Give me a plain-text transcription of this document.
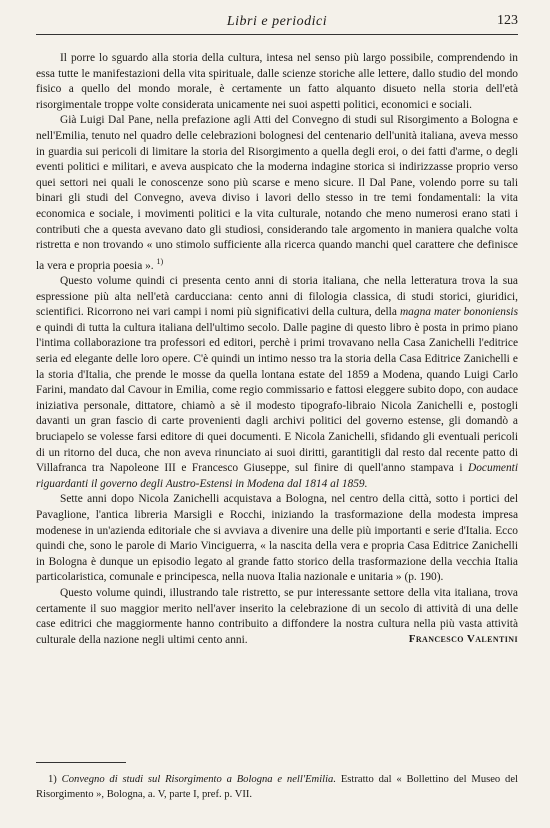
Libri e periodici	123

Il porre lo sguardo alla storia della cultura, intesa nel senso più largo possibile, comprendendo in essa tutte le manifestazioni della vita spirituale, dalle scienze storiche alle lettere, dallo studio del mondo fisico a quello del mondo morale, è certamente un fatto alquanto disueto nella storia dell'età risorgimentale troppe volte considerata unicamente nei suoi aspetti politici, economici e sociali.

Già Luigi Dal Pane, nella prefazione agli Atti del Convegno di studi sul Risorgimento a Bologna e nell'Emilia, tenuto nel quadro delle celebrazioni bolognesi del centenario dell'unità italiana, aveva messo in guardia sui pericoli di limitare la storia del Risorgimento a quella degli eroi, o dei fatti d'arme, o degli eventi politici e militari, e aveva auspicato che la moderna indagine storica si indirizzasse proprio verso quei settori nei quali le conoscenze sono più scarse e meno sicure. Il Dal Pane, volendo porre su tali binari gli studi del Convegno, aveva diviso i lavori dello stesso in tre temi fondamentali: la vita economica e sociale, i movimenti politici e la vita culturale, notando che meno numerosi erano stati i contributi che a questa avevano dato gli studiosi, considerando tale argomento in maniera qualche volta ristretta e non trovando « uno stimolo sufficiente alla ricerca quando manchi quel carattere che definisce la vera e propria poesia ». $^{1)}$

Questo volume quindi ci presenta cento anni di storia italiana, che nella letteratura trova la sua espressione più alta nell'età carducciana: cento anni di filologia classica, di studi storici, giuridici, scientifici. Ricorrono nei vari campi i nomi più significativi della cultura, della magna mater bononiensis e quindi di tutta la cultura italiana dell'ultimo secolo. Dalle pagine di questo libro è posta in primo piano l'intima collaborazione tra professori ed editori, perchè i primi trovavano nella Casa Zanichelli l'editrice seria ed elegante delle loro opere. C'è quindi un intimo nesso tra la storia della Casa Editrice Zanichelli e la storia d'Italia, che prende le mosse da quella lontana estate del 1859 a Modena, quando Luigi Carlo Farini, mandato dal Cavour in Emilia, come regio commissario e fattosi eleggere subito dopo, con audace iniziativa personale, dittatore, chiamò a sè il modesto tipografo-libraio Nicola Zanichelli e, postogli davanti un gran fascio di carte provenienti dagli archivi politici del governo estense, gli domandò a bruciapelo se volesse farsi editore di quei documenti. E Nicola Zanichelli, sfidando gli eventuali pericoli di un ritorno del duca, che non aveva rinunciato ai suoi diritti, garantitigli dal resto dal recente patto di Villafranca tra Napoleone III e Francesco Giuseppe, sul finire di quell'anno stampava i Documenti riguardanti il governo degli Austro-Estensi in Modena dal 1814 al 1859.

Sette anni dopo Nicola Zanichelli acquistava a Bologna, nel centro della città, sotto i portici del Pavaglione, l'antica libreria Marsigli e Rocchi, iniziando la trasformazione della modesta impresa modenese in un'azienda editoriale che si avviava a divenire una delle più importanti e serie d'Italia. Ecco quindi che, sono le parole di Mario Vinciguerra, « la nascita della vera e propria Casa Editrice Zanichelli in Bologna è dunque un episodio legato al grande fatto storico della trasformazione della vecchia Italia particolaristica, comunale e principesca, nella nuova Italia nazionale e unitaria » (p. 190).

Questo volume quindi, illustrando tale ristretto, se pur interessante settore della vita italiana, trova certamente il suo maggior merito nell'aver inserito la celebrazione di un secolo di attività di una delle case editrici che maggiormente hanno contribuito a diffondere la nostra cultura nella più vasta attività culturale della nazione negli ultimi cento anni.	Francesco Valentini
1) Convegno di studi sul Risorgimento a Bologna e nell'Emilia. Estratto dal « Bollettino del Museo del Risorgimento », Bologna, a. V, parte I, pref. p. VII.
